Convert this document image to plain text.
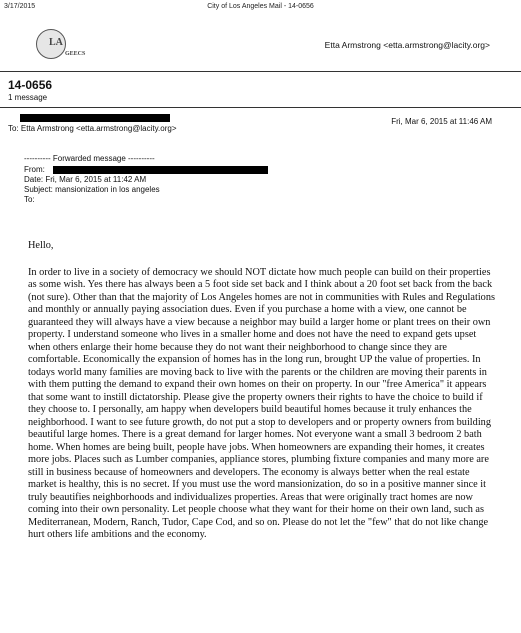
3/17/2015	City of Los Angeles Mail - 14-0656
LA
GEECS
Etta Armstrong <etta.armstrong@lacity.org>
14-0656
1 message
Fri, Mar 6, 2015 at 11:46 AM
To: Etta Armstrong <etta.armstrong@lacity.org>
---------- Forwarded message ----------
From:
Date: Fri, Mar 6, 2015 at 11:42 AM
Subject: mansionization in los angeles
To:

Hello,

In order to live in a society of democracy we should NOT dictate how much people can build on their properties as some wish. Yes there has always been a 5 foot side set back and I think about a 20 foot set back from the back (not sure). Other than that the majority of Los Angeles homes are not in communities with Rules and Regulations and monthly or annually paying association dues. Even if you purchase a home with a view, one cannot be guaranteed they will always have a view because a neighbor may build a larger home or plant trees on their own property. I understand someone who lives in a smaller home and does not have the need to expand gets upset when others enlarge their home because they do not want their neighborhood to change since they are comfortable. Economically the expansion of homes has in the long run, brought UP the value of properties. In todays world many families are moving back to live with the parents or the children are moving their parents in with them putting the demand to expand their own homes on their on property. In our "free America" it appears that some want to instill dictatorship. Please give the property owners their rights to have the choice to build if they choose to. I personally, am happy when developers build beautiful homes because it truly enhances the neighborhood. I want to see future growth, do not put a stop to developers and or property owners from building beautiful large homes. There is a great demand for larger homes. Not everyone want a small 3 bedroom 2 bath home. When homes are being built, people have jobs. When homeowners are expanding their homes, it creates more jobs. Places such as Lumber companies, appliance stores, plumbing fixture companies and many more are still in business because of homeowners and developers. The economy is always better when the real estate market is healthy, this is no secret. If you must use the word mansionization, do so in a positive manner since it truly beautifies neighborhoods and individualizes properties. Areas that were originally tract homes are now coming into their own personality. Let people choose what they want for their home on their own land, such as Mediterranean, Modern, Ranch, Tudor, Cape Cod, and so on. Please do not let the "few" that do not like change hurt others life ambitions and the economy.
